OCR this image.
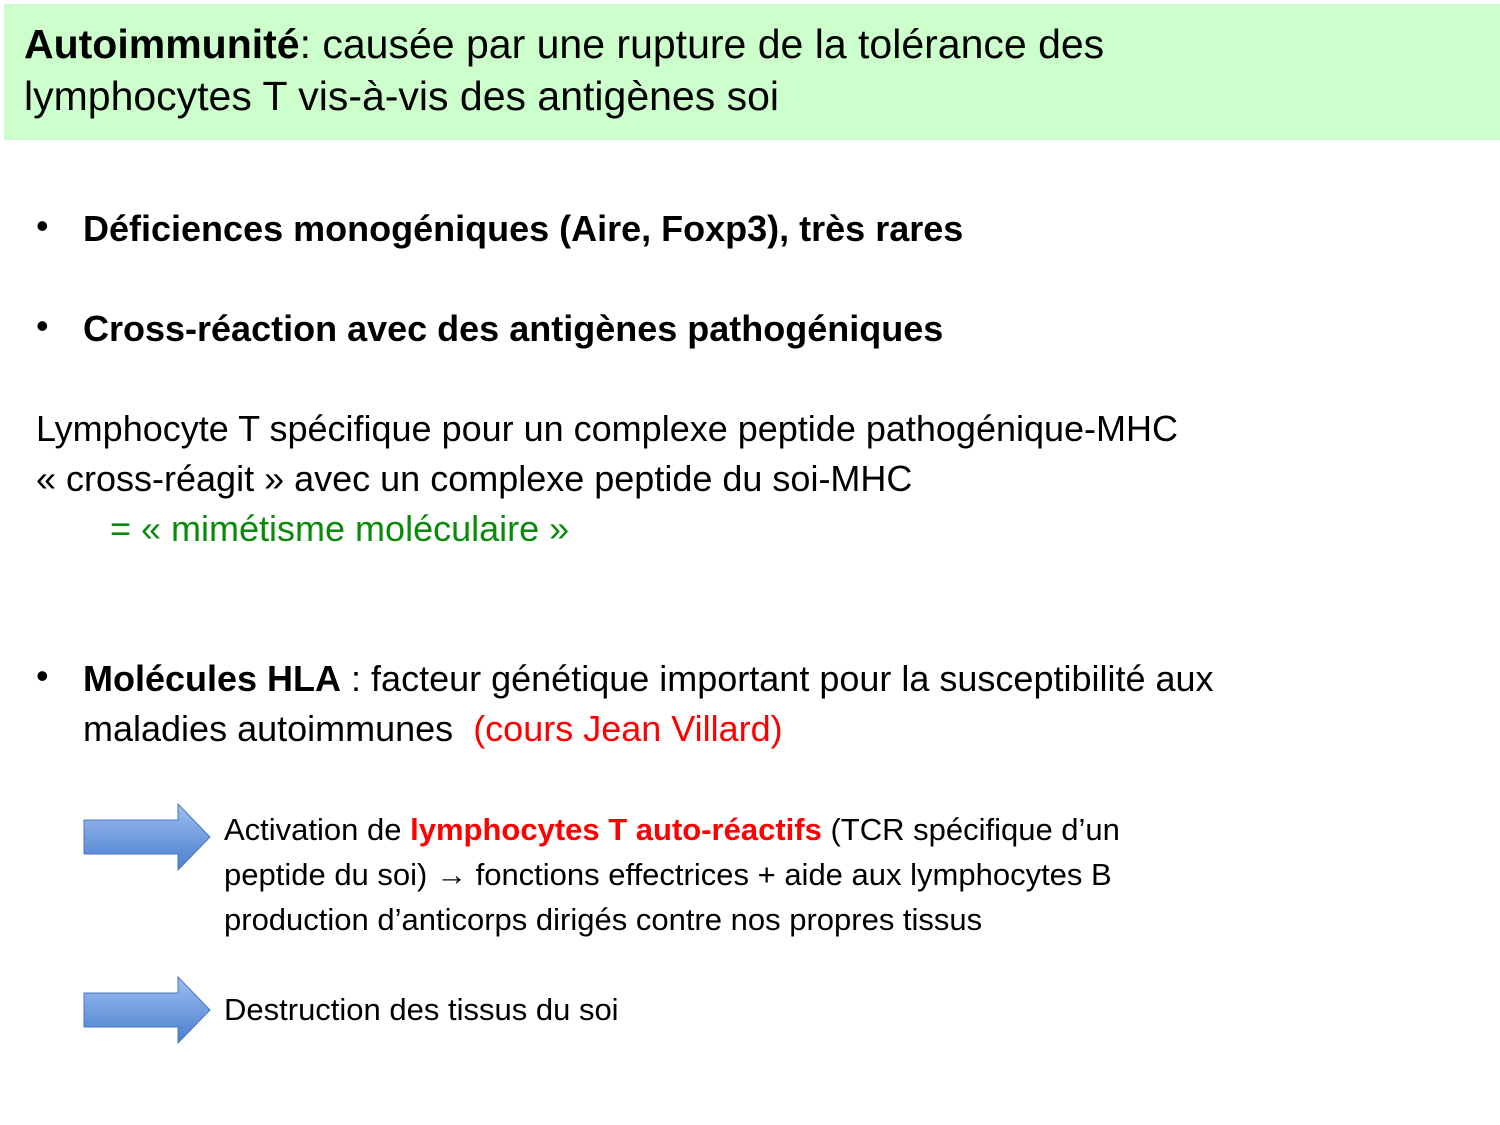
Autoimmunité: causée par une rupture de la tolérance des
lymphocytes T vis-à-vis des antigènes soi
• Déficiences monogéniques (Aire, Foxp3), très rares
• Cross-réaction avec des antigènes pathogéniques
Lymphocyte T spécifique pour un complexe peptide pathogénique-MHC
« cross-réagit » avec un complexe peptide du soi-MHC
= « mimétisme moléculaire »
• Molécules HLA : facteur génétique important pour la susceptibilité aux
maladies autoimmunes  (cours Jean Villard)
Activation de lymphocytes T auto-réactifs (TCR spécifique d’un
peptide du soi) → fonctions effectrices + aide aux lymphocytes B
production d’anticorps dirigés contre nos propres tissus
Destruction des tissus du soi
